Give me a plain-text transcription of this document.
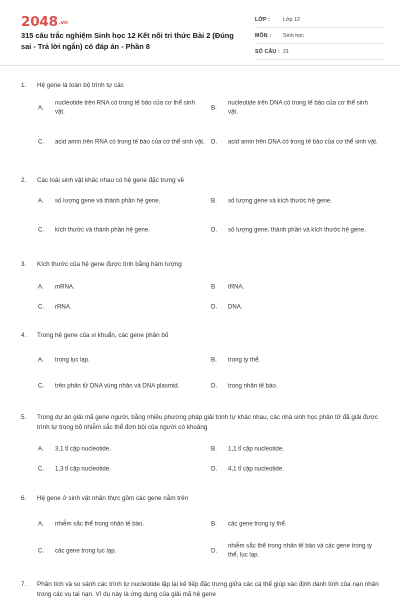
2048.vn
315 câu trắc nghiệm Sinh học 12 Kết nối tri thức Bài 2 (Đúng sai - Trả lời ngắn) có đáp án - Phần 8
LỚP : Lớp 12
MÔN : Sinh học
SỐ CÂU : 21
1. Hệ gene là toàn bộ trình tự các
A.
nucleotide trên RNA có trong tế bào của cơ thể sinh vật.
B.
nucleotide trên DNA có trong tế bào của cơ thể sinh vật.
C. acid amin trên RNA có trong tế bào của cơ thể sinh vật. D. acid amin trên DNA có trong tế bào của cơ thể sinh vật.
2. Các loài sinh vật khác nhau có hệ gene đặc trưng về
A. số lượng gene và thành phần hệ gene.	B. số lượng gene và kích thước hệ gene.
C. kích thước và thành phần hệ gene.	D. số lượng gene, thành phần và kích thước hệ gene.
3. Kích thước của hệ gene được tính bằng hàm lượng
A. mRNA.	B. tRNA.
C. rRNA.	D. DNA.
4. Trong hệ gene của vi khuẩn, các gene phân bố
A. trong lục lạp.	B. trong ty thể.
C. trên phân tử DNA vùng nhân và DNA plasmid.	D. trong nhân tế bào.
5. Trong dự án giải mã gene người, bằng nhiều phương pháp giải trình tự khác nhau, các nhà sinh học phân tử đã giải được trình tự trong bộ nhiễm sắc thể đơn bội của người có khoảng
A. 3,1 tỉ cặp nucleotide.	B. 1,1 tỉ cặp nucleotide.
C. 1,3 tỉ cặp nucleotide.	D. 4,1 tỉ cặp nucleotide.
6. Hệ gene ở sinh vật nhân thực gồm các gene nằm trên
A. nhiễm sắc thể trong nhân tế bào.	B. các gene trong ty thể.
C. các gene trong lục lạp.	D.
nhiễm sắc thể trong nhân tế bào và các gene trong ty thể, lục lạp.
7. Phân tích và so sánh các trình tự nucleotide lặp lại kế tiếp đặc trưng giữa các cá thể giúp xác định danh tính của nạn nhân trong các vụ tai nạn. Ví dụ này là ứng dụng của giải mã hệ gene
